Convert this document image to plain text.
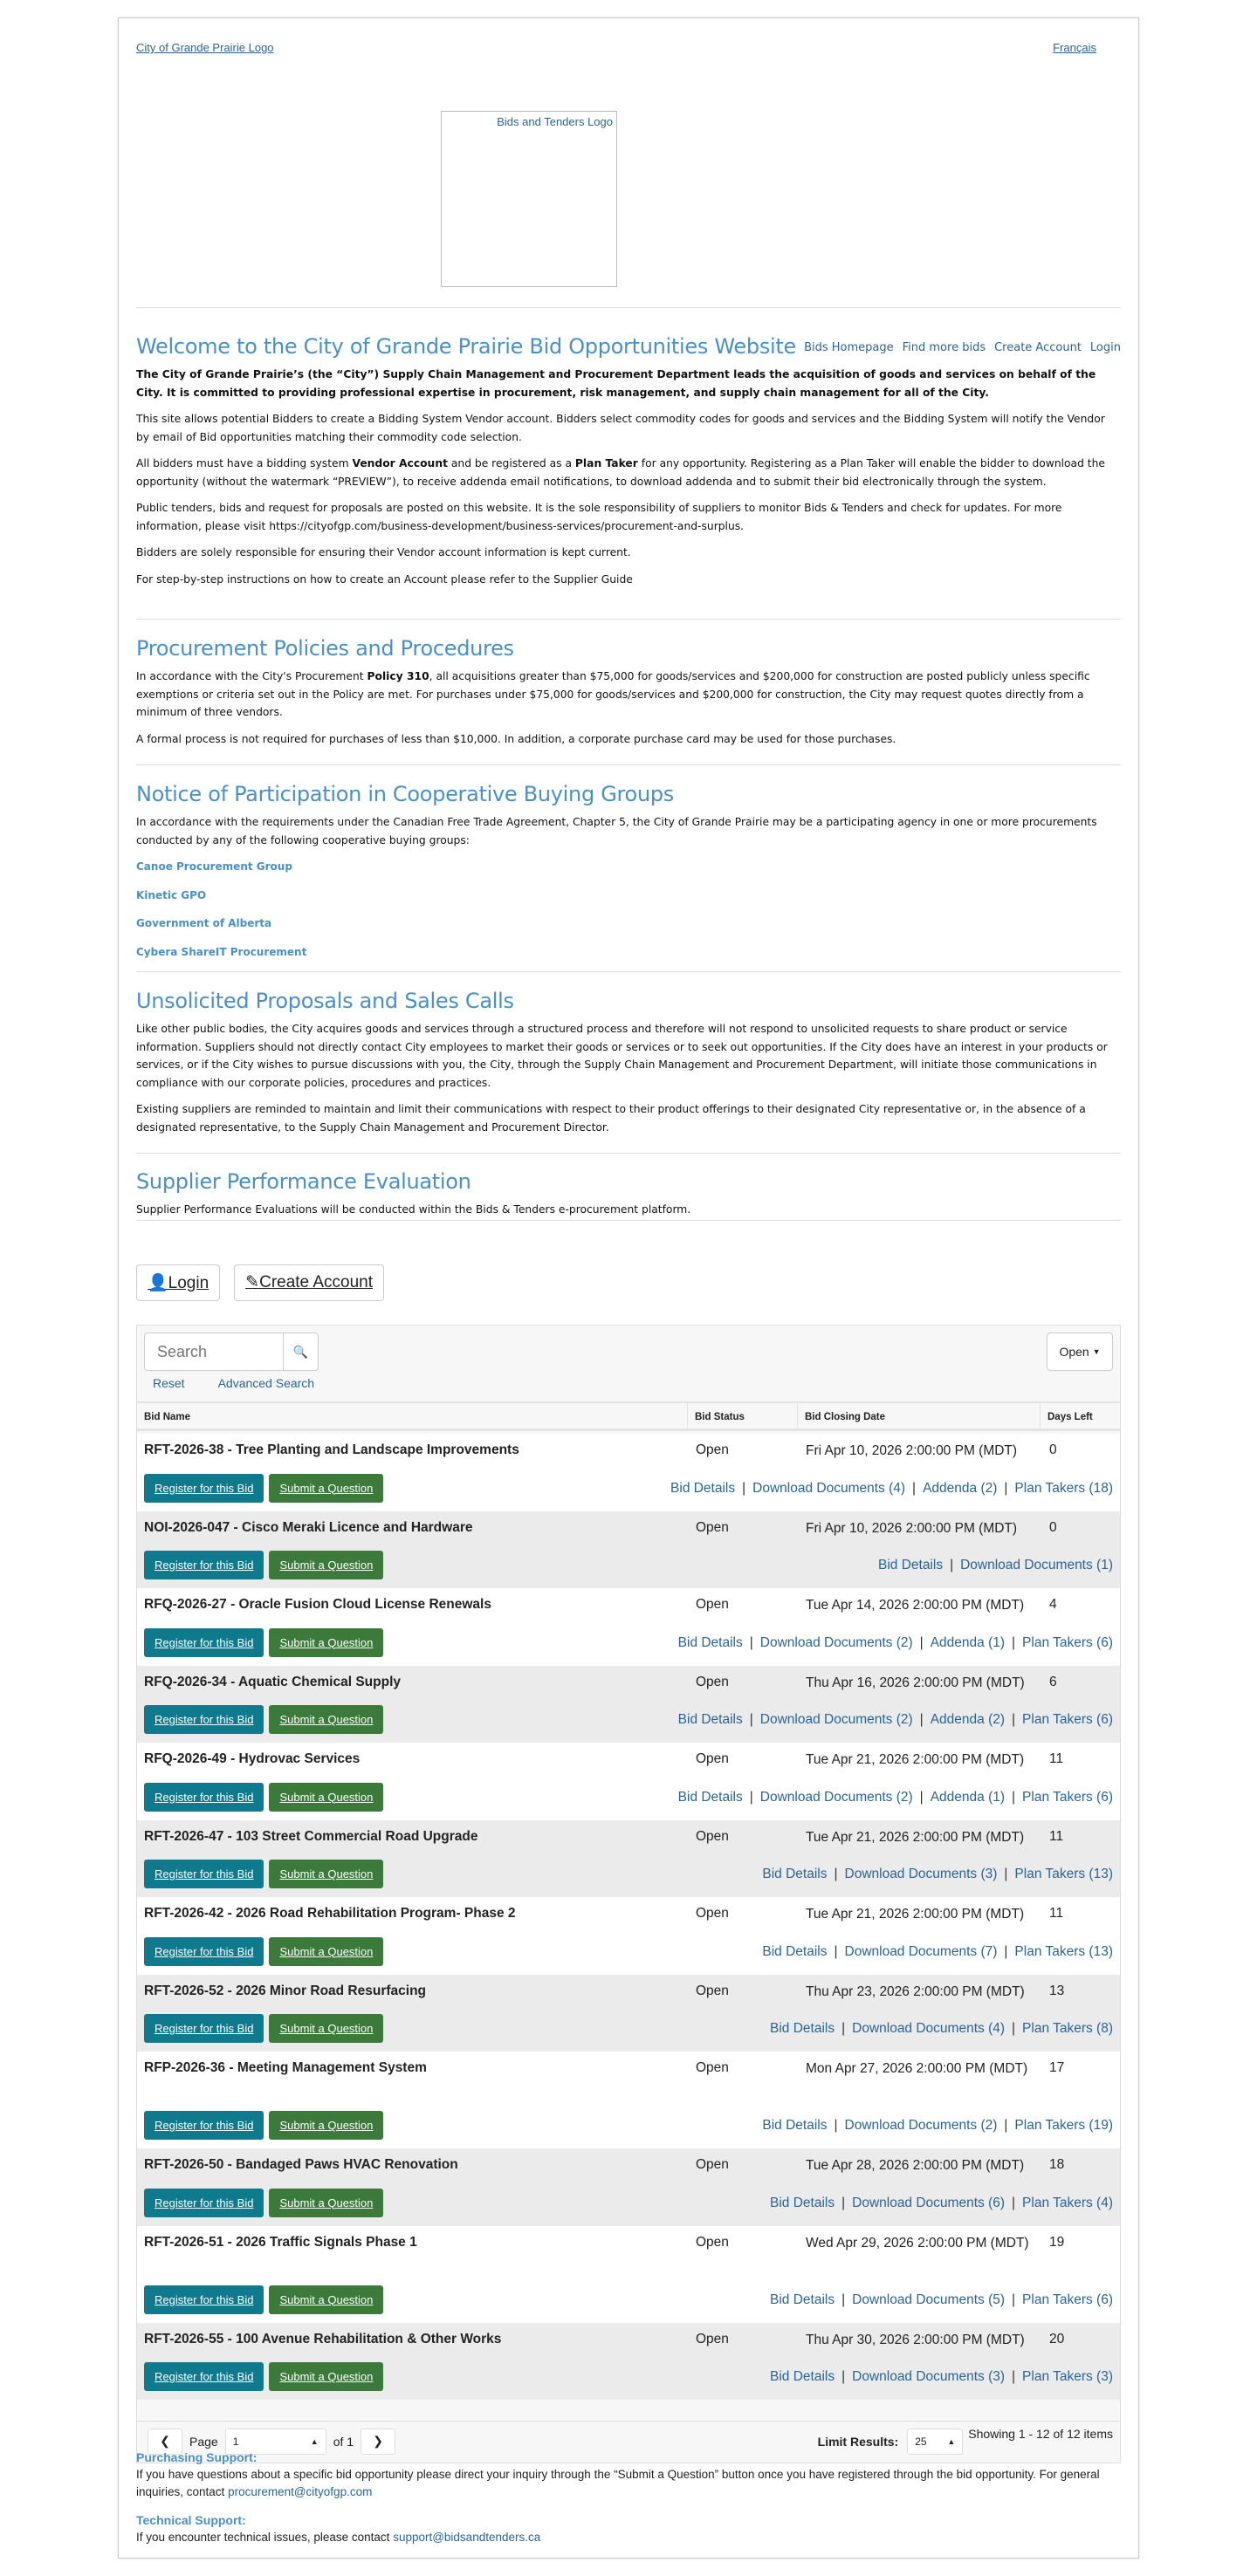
City of Grande Prairie Logo	Français
Bids and Tenders Logo
Bids Homepage Find more bids Create Account Login
Welcome to the City of Grande Prairie Bid Opportunities Website

The City of Grande Prairie’s (the “City”) Supply Chain Management and Procurement Department leads the acquisition of goods and services on behalf of the City. It is committed to providing professional expertise in procurement, risk management, and supply chain management for all of the City.

This site allows potential Bidders to create a Bidding System Vendor account. Bidders select commodity codes for goods and services and the Bidding System will notify the Vendor by email of Bid opportunities matching their commodity code selection.

All bidders must have a bidding system Vendor Account and be registered as a Plan Taker for any opportunity. Registering as a Plan Taker will enable the bidder to download the opportunity (without the watermark “PREVIEW”), to receive addenda email notifications, to download addenda and to submit their bid electronically through the system.

Public tenders, bids and request for proposals are posted on this website. It is the sole responsibility of suppliers to monitor Bids & Tenders and check for updates. For more information, please visit https://cityofgp.com/business-development/business-services/procurement-and-surplus.

Bidders are solely responsible for ensuring their Vendor account information is kept current.

For step-by-step instructions on how to create an Account please refer to the Supplier Guide

Procurement Policies and Procedures

In accordance with the City's Procurement Policy 310, all acquisitions greater than $75,000 for goods/services and $200,000 for construction are posted publicly unless specific exemptions or criteria set out in the Policy are met. For purchases under $75,000 for goods/services and $200,000 for construction, the City may request quotes directly from a minimum of three vendors.

A formal process is not required for purchases of less than $10,000. In addition, a corporate purchase card may be used for those purchases.

Notice of Participation in Cooperative Buying Groups

In accordance with the requirements under the Canadian Free Trade Agreement, Chapter 5, the City of Grande Prairie may be a participating agency in one or more procurements conducted by any of the following cooperative buying groups:

Canoe Procurement Group
Kinetic GPO
Government of Alberta
Cybera ShareIT Procurement
Unsolicited Proposals and Sales Calls

Like other public bodies, the City acquires goods and services through a structured process and therefore will not respond to unsolicited requests to share product or service information. Suppliers should not directly contact City employees to market their goods or services or to seek out opportunities. If the City does have an interest in your products or services, or if the City wishes to pursue discussions with you, the City, through the Supply Chain Management and Procurement Department, will initiate those communications in compliance with our corporate policies, procedures and practices.

Existing suppliers are reminded to maintain and limit their communications with respect to their product offerings to their designated City representative or, in the absence of a designated representative, to the Supply Chain Management and Procurement Director.

Supplier Performance Evaluation

Supplier Performance Evaluations will be conducted within the Bids & Tenders e-procurement platform.

👤Login	✎Create Account
Search
🔍
Reset	Advanced Search
Open
▼
Bid Name	Bid Status	Bid Closing Date	Days Left
RFT-2026-38 - Tree Planting and Landscape Improvements	Open	Fri Apr 10, 2026 2:00:00 PM (MDT)	0
Register for this Bid	Submit a Question	Bid Details | Download Documents (4) | Addenda (2) | Plan Takers (18)
NOI-2026-047 - Cisco Meraki Licence and Hardware	Open	Fri Apr 10, 2026 2:00:00 PM (MDT)	0
Register for this Bid	Submit a Question	Bid Details | Download Documents (1)
RFQ-2026-27 - Oracle Fusion Cloud License Renewals	Open	Tue Apr 14, 2026 2:00:00 PM (MDT)	4
Register for this Bid	Submit a Question	Bid Details | Download Documents (2) | Addenda (1) | Plan Takers (6)
RFQ-2026-34 - Aquatic Chemical Supply	Open	Thu Apr 16, 2026 2:00:00 PM (MDT)	6
Register for this Bid	Submit a Question	Bid Details | Download Documents (2) | Addenda (2) | Plan Takers (6)
RFQ-2026-49 - Hydrovac Services	Open	Tue Apr 21, 2026 2:00:00 PM (MDT)	11
Register for this Bid	Submit a Question	Bid Details | Download Documents (2) | Addenda (1) | Plan Takers (6)
RFT-2026-47 - 103 Street Commercial Road Upgrade	Open	Tue Apr 21, 2026 2:00:00 PM (MDT)	11
Register for this Bid	Submit a Question	Bid Details | Download Documents (3) | Plan Takers (13)
RFT-2026-42 - 2026 Road Rehabilitation Program- Phase 2	Open	Tue Apr 21, 2026 2:00:00 PM (MDT)	11
Register for this Bid	Submit a Question	Bid Details | Download Documents (7) | Plan Takers (13)
RFT-2026-52 - 2026 Minor Road Resurfacing	Open	Thu Apr 23, 2026 2:00:00 PM (MDT)	13
Register for this Bid	Submit a Question	Bid Details | Download Documents (4) | Plan Takers (8)
RFP-2026-36 - Meeting Management System	Open	Mon Apr 27, 2026 2:00:00 PM (MDT)	17
Register for this Bid	Submit a Question	Bid Details | Download Documents (2) | Plan Takers (19)
RFT-2026-50 - Bandaged Paws HVAC Renovation	Open	Tue Apr 28, 2026 2:00:00 PM (MDT)	18
Register for this Bid	Submit a Question	Bid Details | Download Documents (6) | Plan Takers (4)
RFT-2026-51 - 2026 Traffic Signals Phase 1	Open	Wed Apr 29, 2026 2:00:00 PM (MDT)	19
Register for this Bid	Submit a Question	Bid Details | Download Documents (5) | Plan Takers (6)
RFT-2026-55 - 100 Avenue Rehabilitation & Other Works	Open	Thu Apr 30, 2026 2:00:00 PM (MDT)	20
Register for this Bid	Submit a Question	Bid Details | Download Documents (3) | Plan Takers (3)
❮	Page 1	▲ of 1	❯	Limit Results: 25	▲
Showing 1 - 12 of 12 items
Purchasing Support:

If you have questions about a specific bid opportunity please direct your inquiry through the “Submit a Question” button once you have registered through the bid opportunity. For general inquiries, contact procurement@cityofgp.com

Technical Support:

If you encounter technical issues, please contact support@bidsandtenders.ca
